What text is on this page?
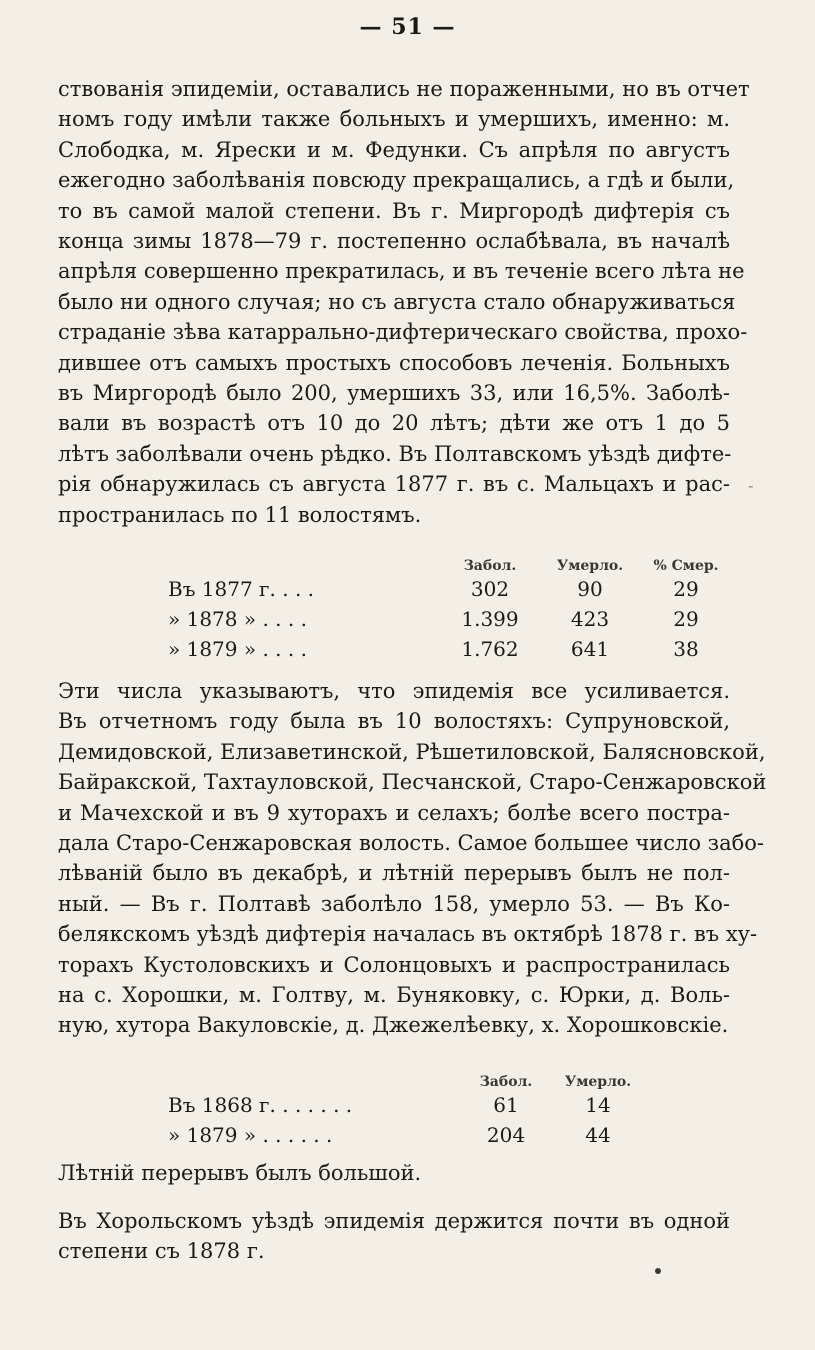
— 51 —
ствованія эпидеміи, оставались не пораженными, но въ отчет
номъ году имѣли также больныхъ и умершихъ, именно: м.
Слободка, м. Яpecки и м. Федунки. Съ апрѣля по августъ
ежегодно заболѣванія повсюду прекращались, а гдѣ и были,
то въ самой малой степени. Въ г. Миргородѣ дифтерія съ
конца зимы 1878—79 г. постепенно ослабѣвала, въ началѣ
апрѣля совершенно прекратилась, и въ теченіе всего лѣта не
было ни одного случая; но съ августа стало обнаруживаться
страданіе зѣва катаррально-дифтерическаго свойства, прохо-
дившее отъ самыхъ простыхъ способовъ леченія. Больныхъ
въ Миргородѣ было 200, умершихъ 33, или 16,5%. Заболѣ-
вали въ возрастѣ отъ 10 до 20 лѣтъ; дѣти же отъ 1 до 5
лѣтъ заболѣвали очень рѣдко. Въ Полтавскомъ уѣздѣ дифте-
рія обнаружилась съ августа 1877 г. въ с. Мальцахъ и рас-
пространилась по 11 волостямъ.
-
	Забол.	Умерло.	% Смер.
Въ 1877 г. . . .	302	90	29
» 1878 » . . . .	1.399	423	29
» 1879 » . . . .	1.762	641	38
Эти числа указываютъ, что эпидемія все усиливается.
Въ отчетномъ году была въ 10 волостяхъ: Супруновской,
Демидовской, Елизаветинской, Рѣшетиловской, Балясновской,
Байракской, Тахтауловской, Песчанской, Старо-Сенжаровской
и Мачехской и въ 9 хуторахъ и селахъ; болѣе всего пострa-
дала Старо-Сенжаровская волость. Самое большее число забо-
лѣваній было въ декабрѣ, и лѣтній перерывъ былъ не пол-
ный. — Въ г. Полтавѣ заболѣло 158, умерло 53. — Въ Ко-
белякскомъ уѣздѣ дифтерія началась въ октябрѣ 1878 г. въ ху-
торахъ Кустоловскихъ и Солонцовыхъ и распространилась
на с. Хорошки, м. Голтву, м. Буняковку, с. Юрки, д. Воль-
ную, хутора Вакуловскіе, д. Джежелѣевку, х. Хорошковскіе.
	Забол.	Умерло.
Въ 1868 г. . . . . . .	61	14
» 1879 » . . . . . .	204	44
Лѣтній перерывъ былъ большой.
Въ Хорольскомъ уѣздѣ эпидемія держится почти въ одной
степени съ 1878 г.
